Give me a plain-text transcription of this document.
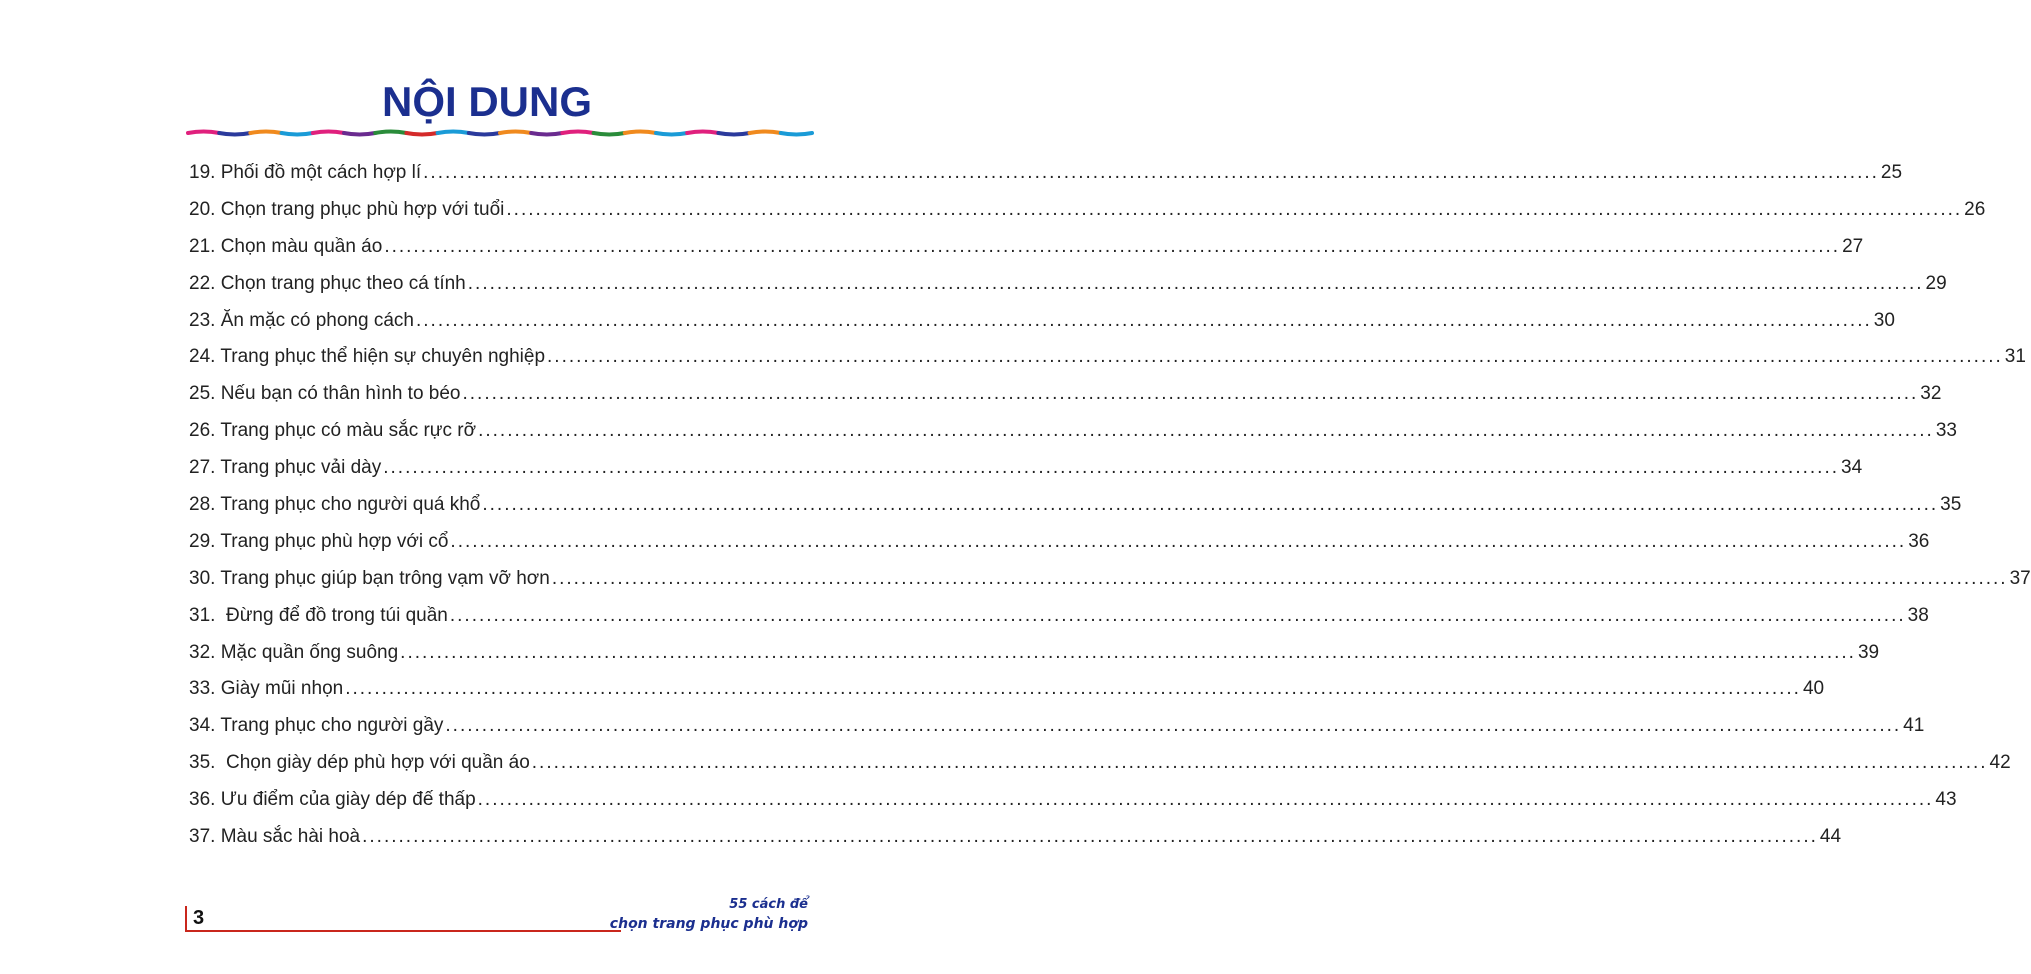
NỘI DUNG
19. Phối đồ một cách hợp lí ........................................................................................................................................................................................................ 25
20. Chọn trang phục phù hợp với tuổi ........................................................................................................................................................................................................ 26
21. Chọn màu quần áo ........................................................................................................................................................................................................ 27
22. Chọn trang phục theo cá tính ........................................................................................................................................................................................................ 29
23. Ăn mặc có phong cách ........................................................................................................................................................................................................ 30
24. Trang phục thể hiện sự chuyên nghiệp ........................................................................................................................................................................................................ 31
25. Nếu bạn có thân hình to béo ........................................................................................................................................................................................................ 32
26. Trang phục có màu sắc rực rỡ ........................................................................................................................................................................................................ 33
27. Trang phục vải dày ........................................................................................................................................................................................................ 34
28. Trang phục cho người quá khổ ........................................................................................................................................................................................................ 35
29. Trang phục phù hợp với cổ ........................................................................................................................................................................................................ 36
30. Trang phục giúp bạn trông vạm vỡ hơn ........................................................................................................................................................................................................ 37
31.  Đừng để đồ trong túi quần ........................................................................................................................................................................................................ 38
32. Mặc quần ống suông ........................................................................................................................................................................................................ 39
33. Giày mũi nhọn ........................................................................................................................................................................................................ 40
34. Trang phục cho người gầy ........................................................................................................................................................................................................ 41
35.  Chọn giày dép phù hợp với quần áo ........................................................................................................................................................................................................ 42
36. Ưu điểm của giày dép đế thấp ........................................................................................................................................................................................................ 43
37. Màu sắc hài hoà ........................................................................................................................................................................................................ 44
3
55 cách để
chọn trang phục phù hợp
